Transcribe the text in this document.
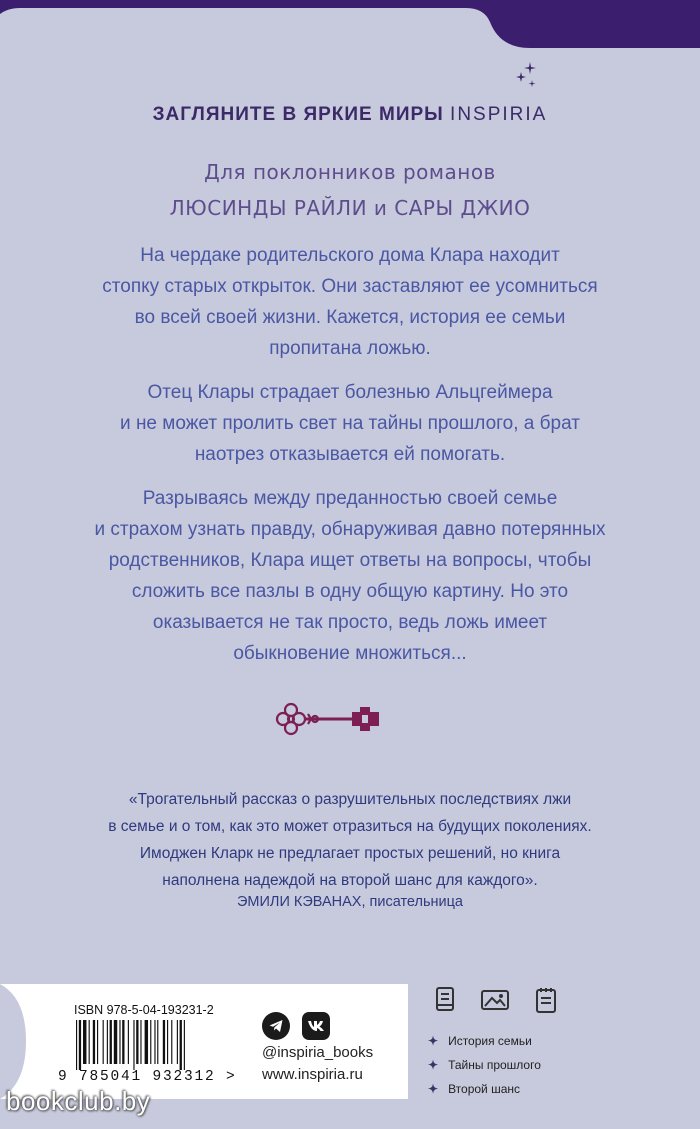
ЗАГЛЯНИТЕ В ЯРКИЕ МИРЫ INSPIRIA
Для поклонников романов
ЛЮСИНДЫ РАЙЛИ и САРЫ ДЖИО

На чердаке родительского дома Клара находит
стопку старых открыток. Они заставляют ее усомниться
во всей своей жизни. Кажется, история ее семьи
пропитана ложью.

Отец Клары страдает болезнью Альцгеймера
и не может пролить свет на тайны прошлого, а брат
наотрез отказывается ей помогать.

Разрываясь между преданностью своей семье
и страхом узнать правду, обнаруживая давно потерянных
родственников, Клара ищет ответы на вопросы, чтобы
сложить все пазлы в одну общую картину. Но это
оказывается не так просто, ведь ложь имеет
обыкновение множиться...

«Трогательный рассказ о разрушительных последствиях лжи
в семье и о том, как это может отразиться на будущих поколениях.
Имоджен Кларк не предлагает простых решений, но книга
наполнена надеждой на второй шанс для каждого».

ЭМИЛИ КЭВАНАХ, писательница
ISBN 978-5-04-193231-2
9 785041 932312 >
@inspiria_books
www.inspiria.ru
✦ История семьи
✦ Тайны прошлого
✦ Второй шанс
bookclub.by
